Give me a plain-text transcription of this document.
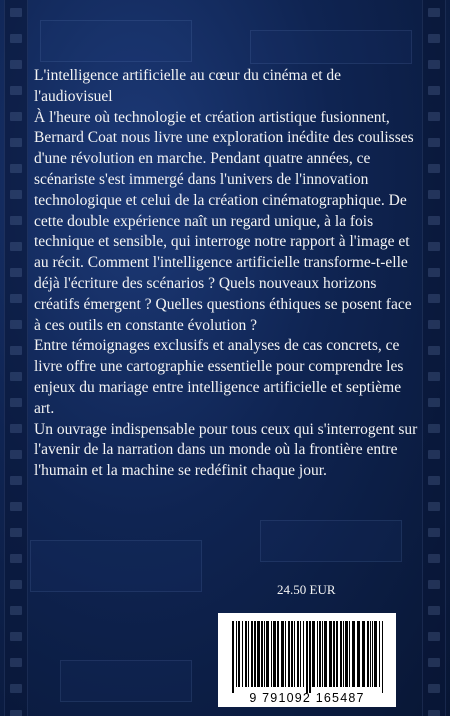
L'intelligence artificielle au cœur du cinéma et de l'audiovisuel

À l'heure où technologie et création artistique fusionnent, Bernard Coat nous livre une exploration inédite des coulisses d'une révolution en marche. Pendant quatre années, ce scénariste s'est immergé dans l'univers de l'innovation technologique et celui de la création cinématographique. De cette double expérience naît un regard unique, à la fois technique et sensible, qui interroge notre rapport à l'image et au récit. Comment l'intelligence artificielle transforme-t-elle déjà l'écriture des scénarios ? Quels nouveaux horizons créatifs émergent ? Quelles questions éthiques se posent face à ces outils en constante évolution ?

Entre témoignages exclusifs et analyses de cas concrets, ce livre offre une cartographie essentielle pour comprendre les enjeux du mariage entre intelligence artificielle et septième art.

Un ouvrage indispensable pour tous ceux qui s'interrogent sur l'avenir de la narration dans un monde où la frontière entre l'humain et la machine se redéfinit chaque jour.

24.50 EUR
9 791092 165487
